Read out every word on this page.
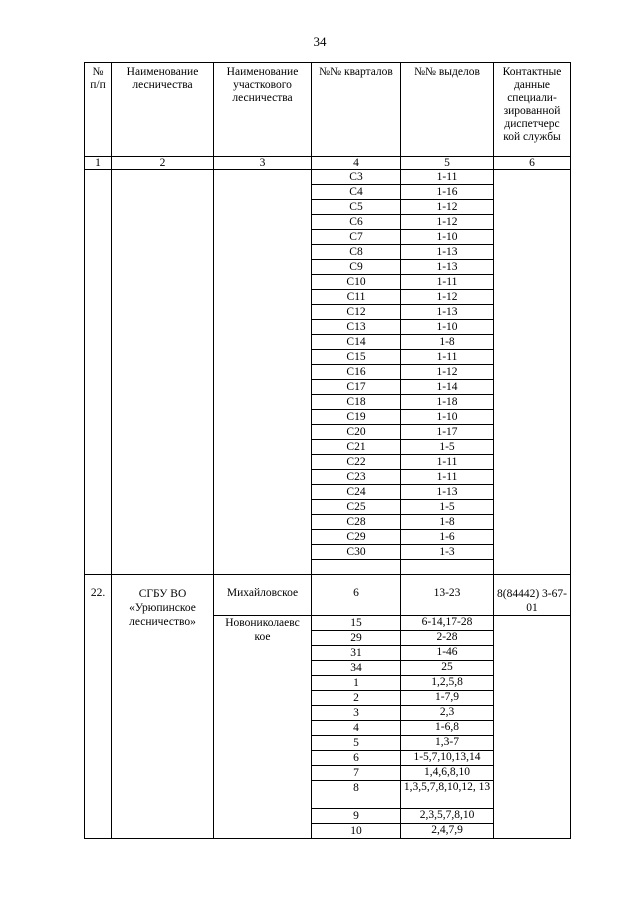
34
№ п/п	Наименование лесничества	Наименование участкового лесничества	№№ кварталов	№№ выделов	Контактные данные специали-зированной диспетчерс кой службы
1	2	3	4	5	6
			С3	1-11	
			С4	1-16	
			С5	1-12	
			С6	1-12	
			С7	1-10	
			С8	1-13	
			С9	1-13	
			С10	1-11	
			С11	1-12	
			С12	1-13	
			С13	1-10	
			С14	1-8	
			С15	1-11	
			С16	1-12	
			С17	1-14	
			С18	1-18	
			С19	1-10	
			С20	1-17	
			С21	1-5	
			С22	1-11	
			С23	1-11	
			С24	1-13	
			С25	1-5	
			С28	1-8	
			С29	1-6	
			С30	1-3	

22.	СГБУ ВО «Урюпинское лесничество»	Михайловское	6	13-23	8(84442) 3-67-01
		Новониколаевс кое	15	6-14,17-28	
			29	2-28	
			31	1-46	
			34	25	
			1	1,2,5,8	
			2	1-7,9	
			3	2,3	
			4	1-6,8	
			5	1,3-7	
			6	1-5,7,10,13,14	
			7	1,4,6,8,10	
			8	1,3,5,7,8,10,12, 13	
			9	2,3,5,7,8,10	
			10	2,4,7,9	
